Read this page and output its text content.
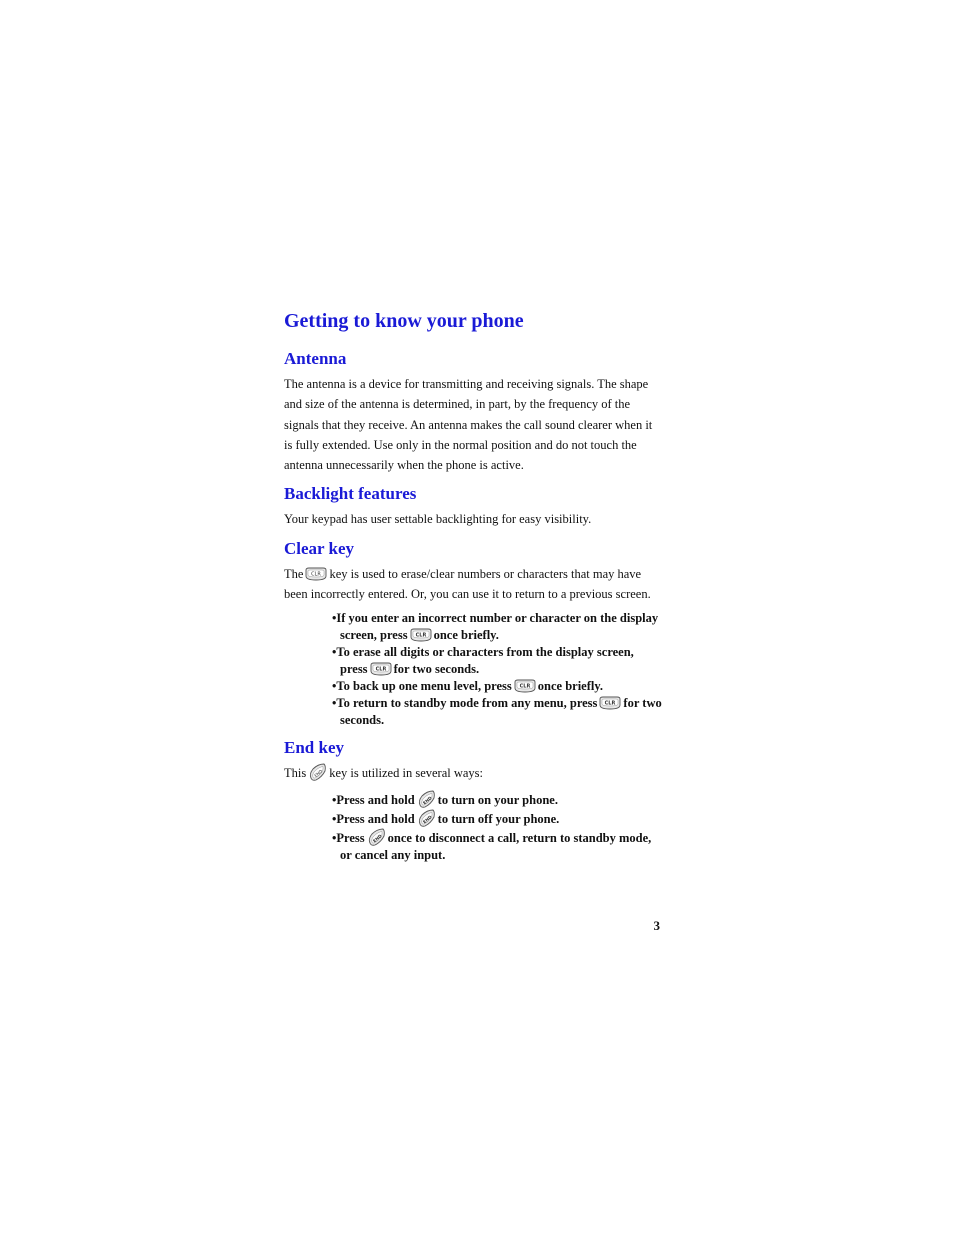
Getting to know your phone
Antenna

The antenna is a device for transmitting and receiving signals. The shape and size of the antenna is determined, in part, by the frequency of the signals that they receive. An antenna makes the call sound clearer when it is fully extended. Use only in the normal position and do not touch the antenna unnecessarily when the phone is active.

Backlight features

Your keypad has user settable backlighting for easy visibility.

Clear key

The key is used to erase/clear numbers or characters that may have been incorrectly entered. Or, you can use it to return to a previous screen.

• If you enter an incorrect number or character on the display screen, press once briefly.
• To erase all digits or characters from the display screen, press for two seconds.
• To back up one menu level, press once briefly.
• To return to standby mode from any menu, press for two seconds.
End key

This key is utilized in several ways:

• Press and hold to turn on your phone.
• Press and hold to turn off your phone.
• Press once to disconnect a call, return to standby mode, or cancel any input.
3
